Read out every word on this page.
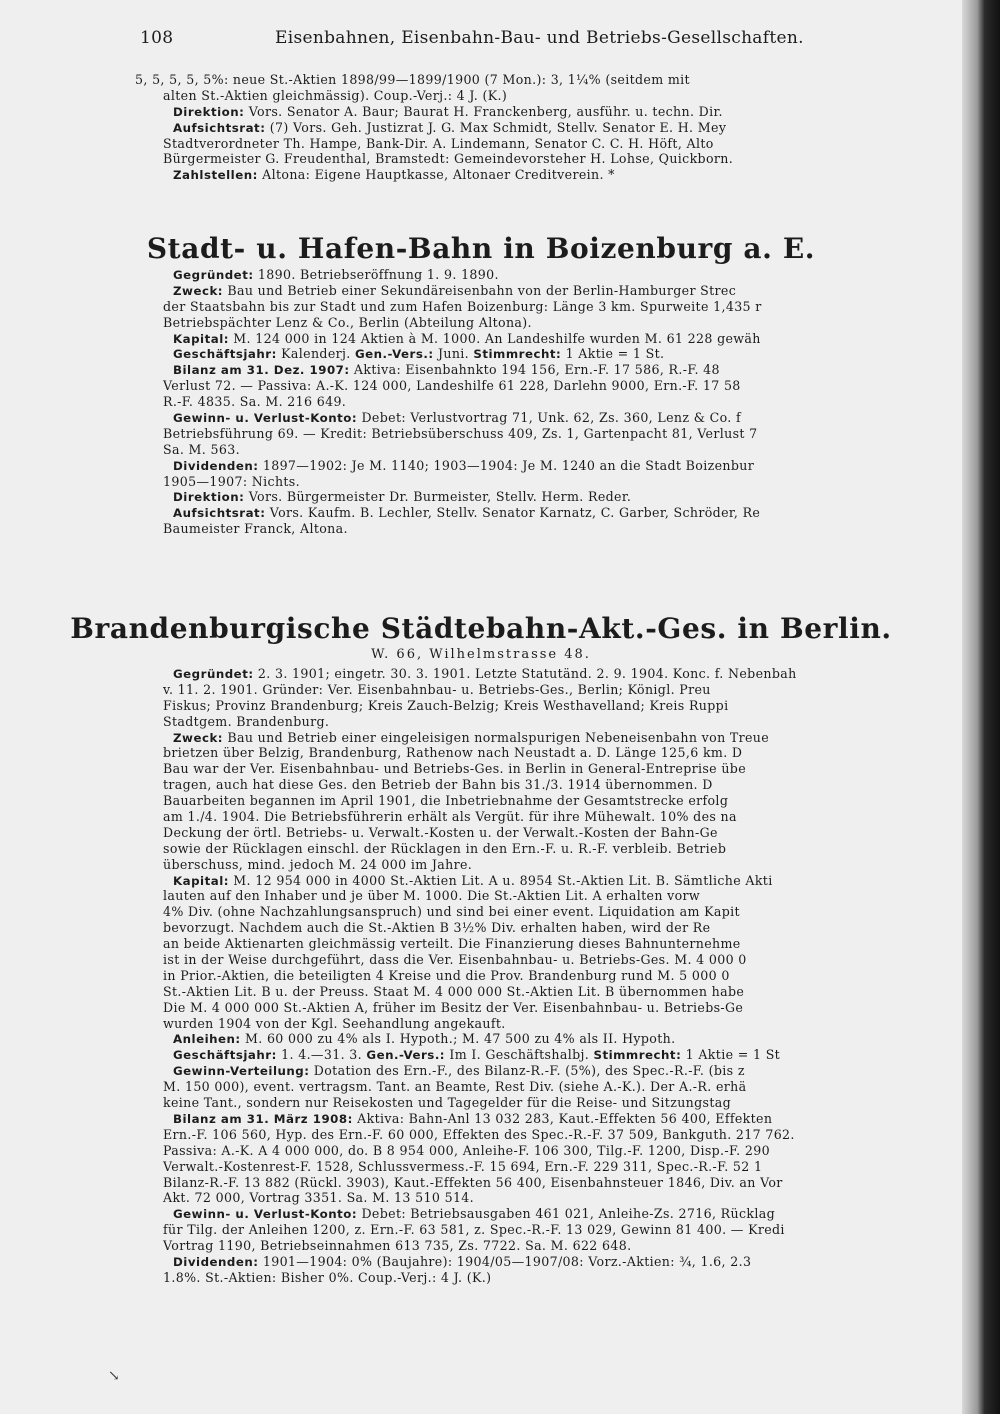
108	Eisenbahnen, Eisenbahn-Bau- und Betriebs-Gesellschaften.
5, 5, 5, 5, 5%: neue St.-Aktien 1898/99—1899/1900 (7 Mon.): 3, 1¼% (seitdem mit
alten St.-Aktien gleichmässig). Coup.-Verj.: 4 J. (K.)
Direktion: Vors. Senator A. Baur; Baurat H. Franckenberg, ausführ. u. techn. Dir.
Aufsichtsrat: (7) Vors. Geh. Justizrat J. G. Max Schmidt, Stellv. Senator E. H. Mey
Stadtverordneter Th. Hampe, Bank-Dir. A. Lindemann, Senator C. C. H. Höft, Alto
Bürgermeister G. Freudenthal, Bramstedt: Gemeindevorsteher H. Lohse, Quickborn.
Zahlstellen: Altona: Eigene Hauptkasse, Altonaer Creditverein. *
Stadt- u. Hafen-Bahn in Boizenburg a. E.
Gegründet: 1890. Betriebseröffnung 1. 9. 1890.
Zweck: Bau und Betrieb einer Sekundäreisenbahn von der Berlin-Hamburger Strec
der Staatsbahn bis zur Stadt und zum Hafen Boizenburg: Länge 3 km. Spurweite 1,435 r
Betriebspächter Lenz & Co., Berlin (Abteilung Altona).
Kapital: M. 124 000 in 124 Aktien à M. 1000. An Landeshilfe wurden M. 61 228 gewäh
Geschäftsjahr: Kalenderj. Gen.-Vers.: Juni. Stimmrecht: 1 Aktie = 1 St.
Bilanz am 31. Dez. 1907: Aktiva: Eisenbahnkto 194 156, Ern.-F. 17 586, R.-F. 48
Verlust 72. — Passiva: A.-K. 124 000, Landeshilfe 61 228, Darlehn 9000, Ern.-F. 17 58
R.-F. 4835. Sa. M. 216 649.
Gewinn- u. Verlust-Konto: Debet: Verlustvortrag 71, Unk. 62, Zs. 360, Lenz & Co. f
Betriebsführung 69. — Kredit: Betriebsüberschuss 409, Zs. 1, Gartenpacht 81, Verlust 7
Sa. M. 563.
Dividenden: 1897—1902: Je M. 1140; 1903—1904: Je M. 1240 an die Stadt Boizenbur
1905—1907: Nichts.
Direktion: Vors. Bürgermeister Dr. Burmeister, Stellv. Herm. Reder.
Aufsichtsrat: Vors. Kaufm. B. Lechler, Stellv. Senator Karnatz, C. Garber, Schröder, Re
Baumeister Franck, Altona.
Brandenburgische Städtebahn-Akt.-Ges. in Berlin.
W. 66, Wilhelmstrasse 48.
Gegründet: 2. 3. 1901; eingetr. 30. 3. 1901. Letzte Statutänd. 2. 9. 1904. Konc. f. Nebenbah
v. 11. 2. 1901. Gründer: Ver. Eisenbahnbau- u. Betriebs-Ges., Berlin; Königl. Preu
Fiskus; Provinz Brandenburg; Kreis Zauch-Belzig; Kreis Westhavelland; Kreis Ruppi
Stadtgem. Brandenburg.
Zweck: Bau und Betrieb einer eingeleisigen normalspurigen Nebeneisenbahn von Treue
brietzen über Belzig, Brandenburg, Rathenow nach Neustadt a. D. Länge 125,6 km. D
Bau war der Ver. Eisenbahnbau- und Betriebs-Ges. in Berlin in General-Entreprise übe
tragen, auch hat diese Ges. den Betrieb der Bahn bis 31./3. 1914 übernommen. D
Bauarbeiten begannen im April 1901, die Inbetriebnahme der Gesamtstrecke erfolg
am 1./4. 1904. Die Betriebsführerin erhält als Vergüt. für ihre Mühewalt. 10% des na
Deckung der örtl. Betriebs- u. Verwalt.-Kosten u. der Verwalt.-Kosten der Bahn-Ge
sowie der Rücklagen einschl. der Rücklagen in den Ern.-F. u. R.-F. verbleib. Betrieb
überschuss, mind. jedoch M. 24 000 im Jahre.
Kapital: M. 12 954 000 in 4000 St.-Aktien Lit. A u. 8954 St.-Aktien Lit. B. Sämtliche Akti
lauten auf den Inhaber und je über M. 1000. Die St.-Aktien Lit. A erhalten vorw
4% Div. (ohne Nachzahlungsanspruch) und sind bei einer event. Liquidation am Kapit
bevorzugt. Nachdem auch die St.-Aktien B 3½% Div. erhalten haben, wird der Re
an beide Aktienarten gleichmässig verteilt. Die Finanzierung dieses Bahnunternehme
ist in der Weise durchgeführt, dass die Ver. Eisenbahnbau- u. Betriebs-Ges. M. 4 000 0
in Prior.-Aktien, die beteiligten 4 Kreise und die Prov. Brandenburg rund M. 5 000 0
St.-Aktien Lit. B u. der Preuss. Staat M. 4 000 000 St.-Aktien Lit. B übernommen habe
Die M. 4 000 000 St.-Aktien A, früher im Besitz der Ver. Eisenbahnbau- u. Betriebs-Ge
wurden 1904 von der Kgl. Seehandlung angekauft.
Anleihen: M. 60 000 zu 4% als I. Hypoth.; M. 47 500 zu 4% als II. Hypoth.
Geschäftsjahr: 1. 4.—31. 3. Gen.-Vers.: Im I. Geschäftshalbj. Stimmrecht: 1 Aktie = 1 St
Gewinn-Verteilung: Dotation des Ern.-F., des Bilanz-R.-F. (5%), des Spec.-R.-F. (bis z
M. 150 000), event. vertragsm. Tant. an Beamte, Rest Div. (siehe A.-K.). Der A.-R. erhä
keine Tant., sondern nur Reisekosten und Tagegelder für die Reise- und Sitzungstag
Bilanz am 31. März 1908: Aktiva: Bahn-Anl 13 032 283, Kaut.-Effekten 56 400, Effekten
Ern.-F. 106 560, Hyp. des Ern.-F. 60 000, Effekten des Spec.-R.-F. 37 509, Bankguth. 217 762.
Passiva: A.-K. A 4 000 000, do. B 8 954 000, Anleihe-F. 106 300, Tilg.-F. 1200, Disp.-F. 290
Verwalt.-Kostenrest-F. 1528, Schlussvermess.-F. 15 694, Ern.-F. 229 311, Spec.-R.-F. 52 1
Bilanz-R.-F. 13 882 (Rückl. 3903), Kaut.-Effekten 56 400, Eisenbahnsteuer 1846, Div. an Vor
Akt. 72 000, Vortrag 3351. Sa. M. 13 510 514.
Gewinn- u. Verlust-Konto: Debet: Betriebsausgaben 461 021, Anleihe-Zs. 2716, Rücklag
für Tilg. der Anleihen 1200, z. Ern.-F. 63 581, z. Spec.-R.-F. 13 029, Gewinn 81 400. — Kredi
Vortrag 1190, Betriebseinnahmen 613 735, Zs. 7722. Sa. M. 622 648.
Dividenden: 1901—1904: 0% (Baujahre): 1904/05—1907/08: Vorz.-Aktien: ¾, 1.6, 2.3
1.8%. St.-Aktien: Bisher 0%. Coup.-Verj.: 4 J. (K.)
↘
